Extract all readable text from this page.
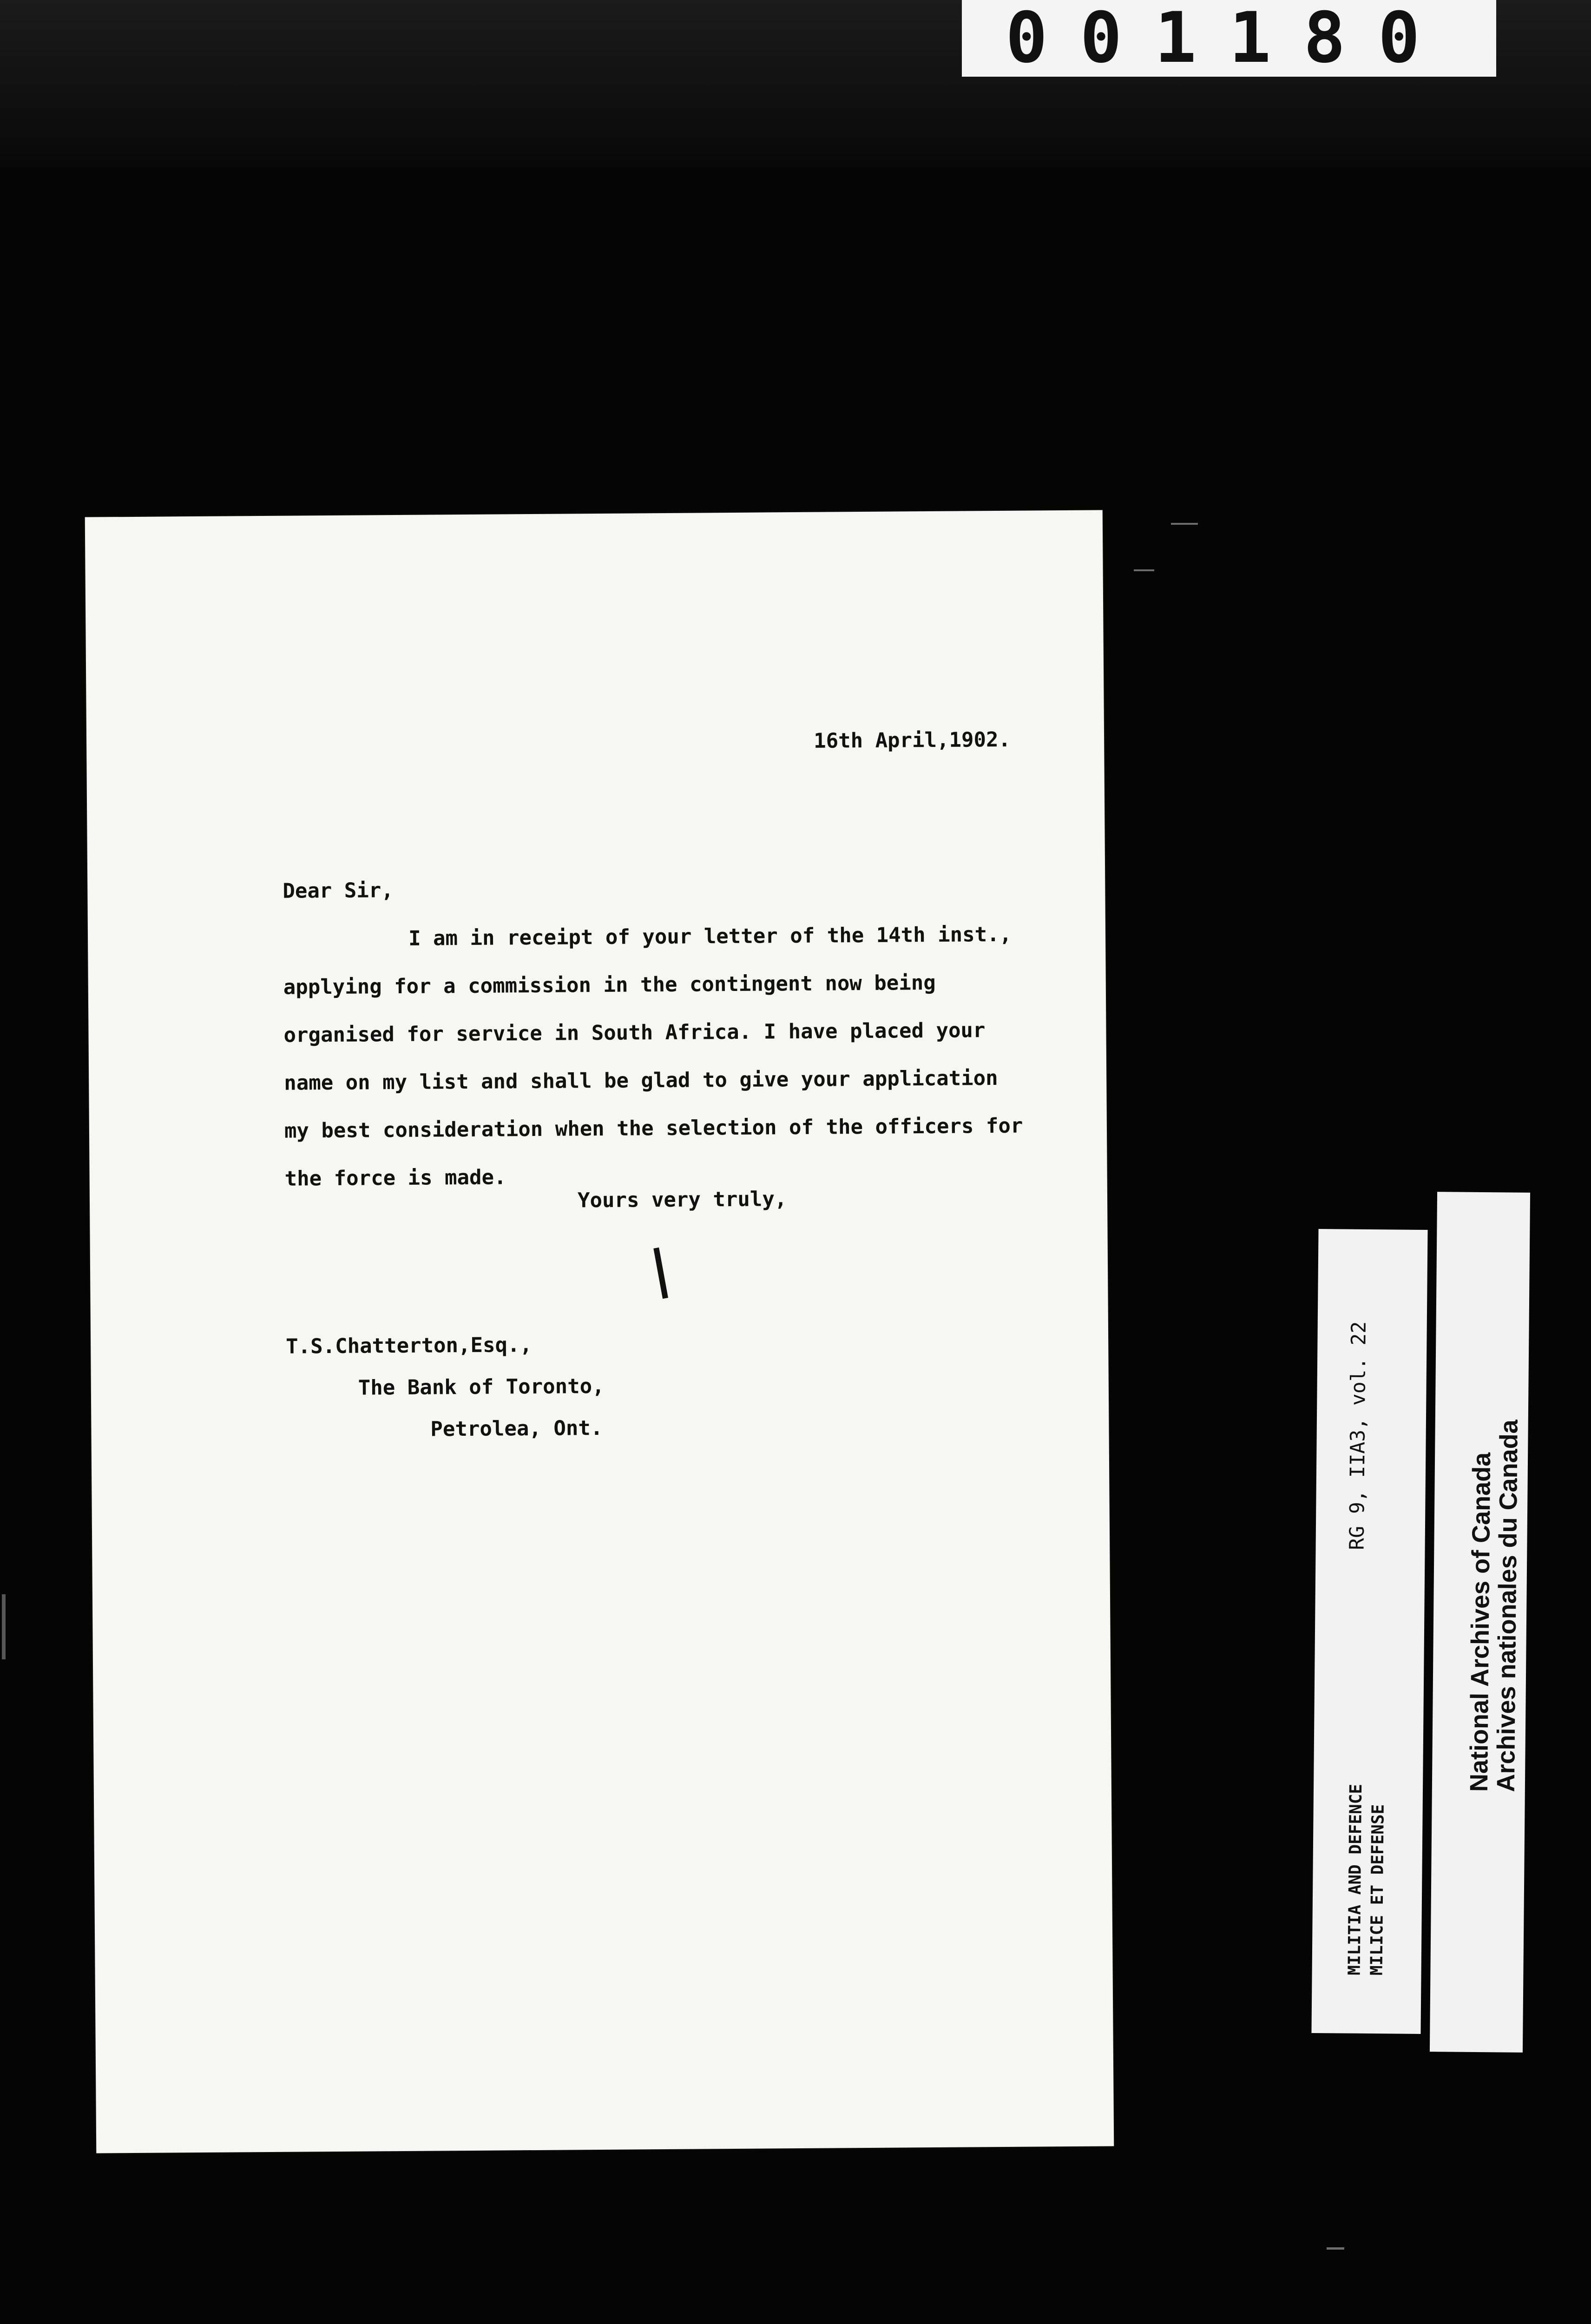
001180
16th April,1902.
Dear Sir,
I am in receipt of your letter of the 14th inst., applying for a commission in the contingent now being organised for service in South Africa. I have placed your name on my list and shall be glad to give your application my best consideration when the selection of the officers for the force is made.
Yours very truly,
T.S.Chatterton,Esq.,
The Bank of Toronto,
Petrolea, Ont.	RG 9, IIA3, vol. 22
MILITIA AND DEFENCE MILICE ET DEFENSE
National Archives of Canada
Archives nationales du Canada
